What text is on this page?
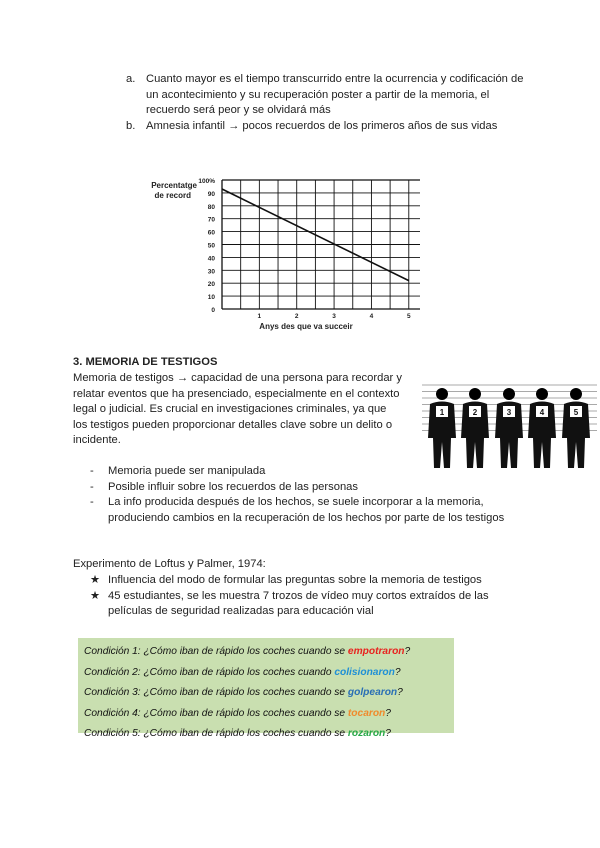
a. Cuanto mayor es el tiempo transcurrido entre la ocurrencia y codificación de un acontecimiento y su recuperación poster a partir de la memoria, el recuerdo será peor y se olvidará más
b. Amnesia infantil → pocos recuerdos de los primeros años de sus vidas
Percentatge
de record
100%
90
80
70
60
50
40
30
20
10
0
1	2	3	4	5
Anys des que va succeir
3. MEMORIA DE TESTIGOS
Memoria de testigos → capacidad de una persona para recordar y relatar eventos que ha presenciado, especialmente en el contexto legal o judicial. Es crucial en investigaciones criminales, ya que los testigos pueden proporcionar detalles clave sobre un delito o incidente.
1	2	3	4	5
- Memoria puede ser manipulada
- Posible influir sobre los recuerdos de las personas
- La info producida después de los hechos, se suele incorporar a la memoria, produciendo cambios en la recuperación de los hechos por parte de los testigos
Experimento de Loftus y Palmer, 1974:
★ Influencia del modo de formular las preguntas sobre la memoria de testigos
★ 45 estudiantes, se les muestra 7 trozos de vídeo muy cortos extraídos de las películas de seguridad realizadas para educación vial
Condición 1: ¿Cómo iban de rápido los coches cuando se empotraron?
Condición 2: ¿Cómo iban de rápido los coches cuando colisionaron?
Condición 3: ¿Cómo iban de rápido los coches cuando se golpearon?
Condición 4: ¿Cómo iban de rápido los coches cuando se tocaron?
Condición 5: ¿Cómo iban de rápido los coches cuando se rozaron?
